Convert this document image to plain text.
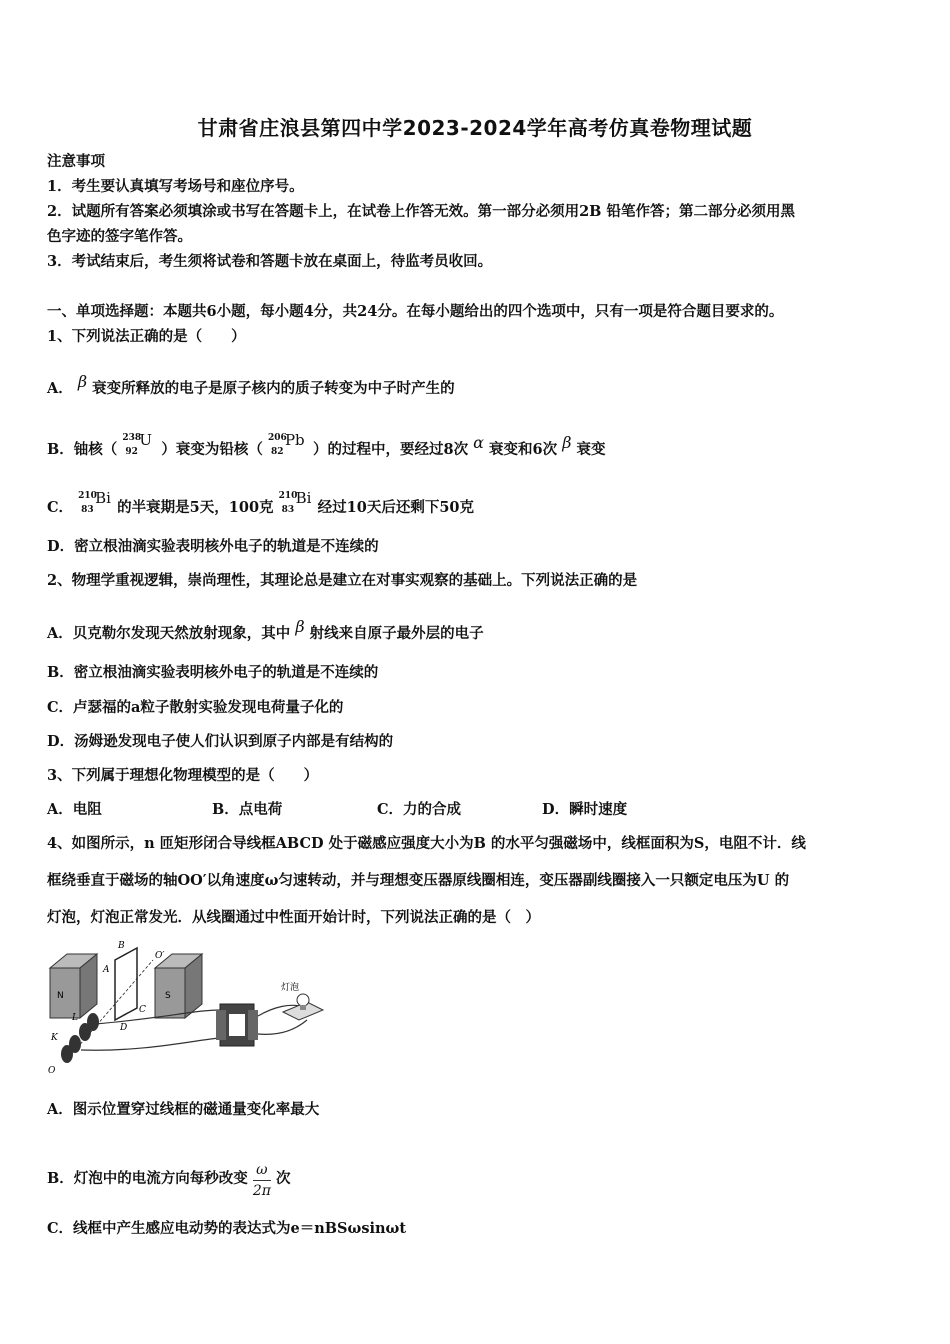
甘肃省庄浪县第四中学2023-2024学年高考仿真卷物理试题
注意事项
1．考生要认真填写考场号和座位序号。
2．试题所有答案必须填涂或书写在答题卡上，在试卷上作答无效。第一部分必须用2B 铅笔作答；第二部分必须用黑
色字迹的签字笔作答。
3．考试结束后，考生须将试卷和答题卡放在桌面上，待监考员收回。
一、单项选择题：本题共6小题，每小题4分，共24分。在每小题给出的四个选项中，只有一项是符合题目要求的。
1、下列说法正确的是（　　）
A． β 衰变所释放的电子是原子核内的质子转变为中子时产生的
B．铀核（
238
92
U
）衰变为铅核（
206
82
Pb
）的过程中，要经过8次 α 衰变和6次 β 衰变
C．
210
83
Bi
的半衰期是5天，100克
210
83
Bi
经过10天后还剩下50克
D．密立根油滴实验表明核外电子的轨道是不连续的
2、物理学重视逻辑，崇尚理性，其理论总是建立在对事实观察的基础上。下列说法正确的是
A．贝克勒尔发现天然放射现象，其中 β 射线来自原子最外层的电子
B．密立根油滴实验表明核外电子的轨道是不连续的
C．卢瑟福的a粒子散射实验发现电荷量子化的
D．汤姆逊发现电子使人们认识到原子内部是有结构的
3、下列属于理想化物理模型的是（　　）
A．电阻	B．点电荷	C．力的合成	D．瞬时速度
4、如图所示，n 匝矩形闭合导线框ABCD 处于磁感应强度大小为B 的水平匀强磁场中，线框面积为S，电阻不计．线
框绕垂直于磁场的轴OO′以角速度ω匀速转动，并与理想变压器原线圈相连，变压器副线圈接入一只额定电压为U 的
灯泡，灯泡正常发光．从线圈通过中性面开始计时，下列说法正确的是（　）
N	S
B
A
C
D
O′
L
K
O
灯泡
A．图示位置穿过线框的磁通量变化率最大
B．灯泡中的电流方向每秒改变 $\frac{\omega}{2\pi}$ 次
C．线框中产生感应电动势的表达式为e＝nBSωsinωt
